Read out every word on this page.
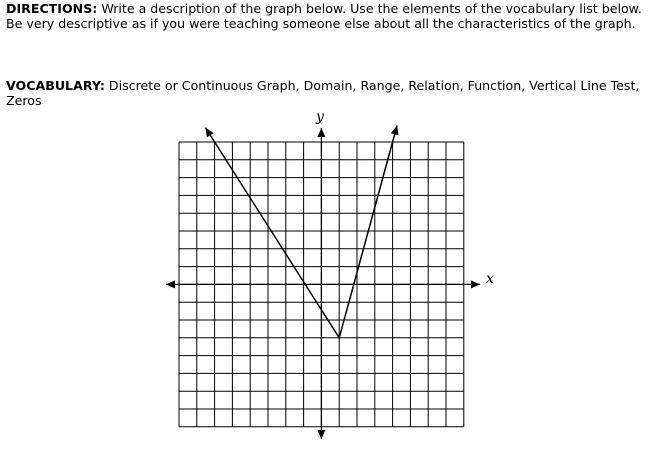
DIRECTIONS: Write a description of the graph below. Use the elements of the vocabulary list below. Be very descriptive as if you were teaching someone else about all the characteristics of the graph.
VOCABULARY: Discrete or Continuous Graph, Domain, Range, Relation, Function, Vertical Line Test, Zeros
x
y
